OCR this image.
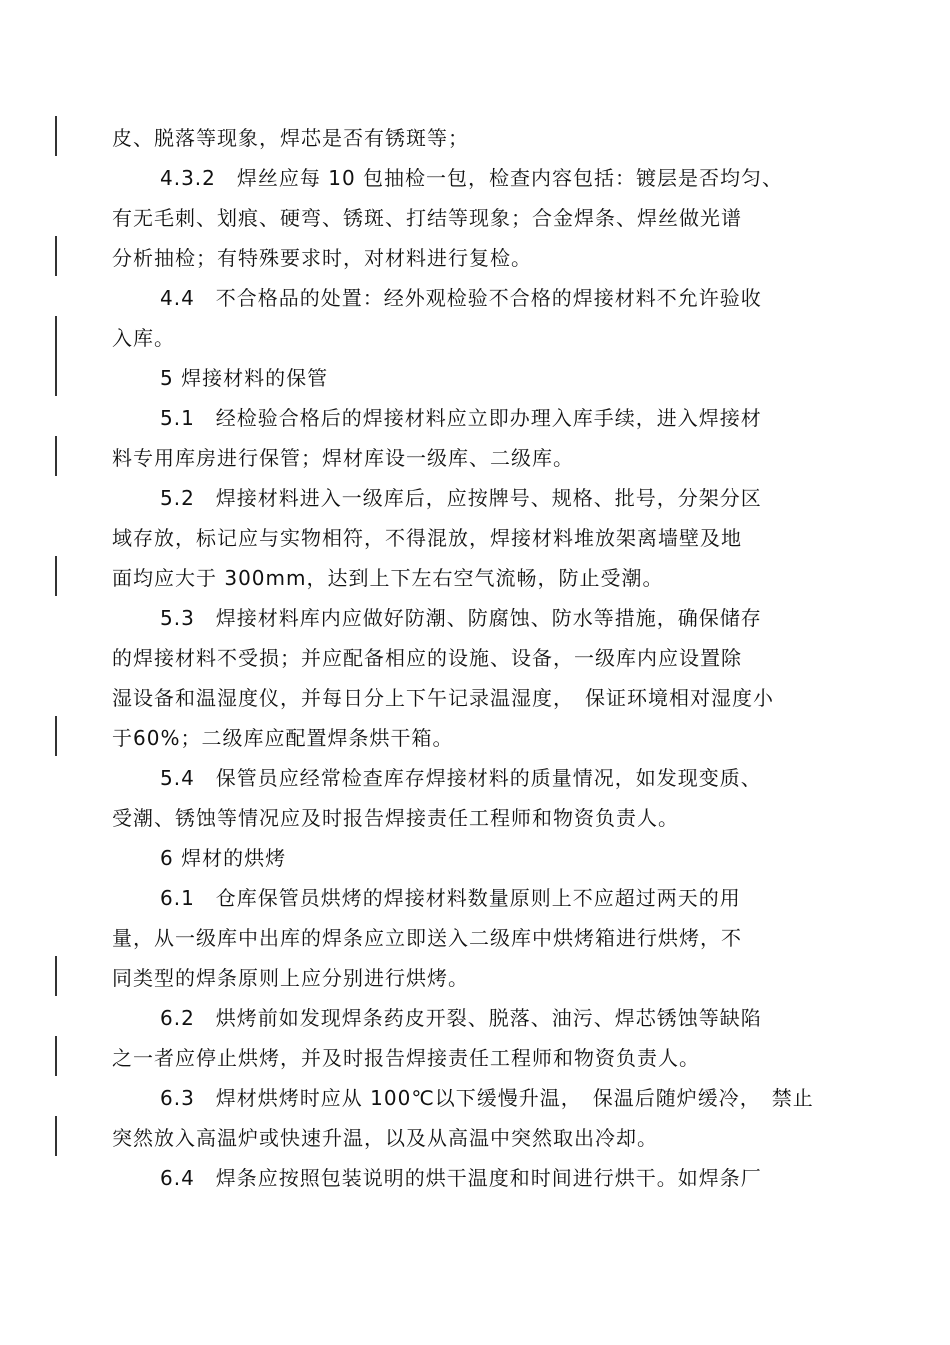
皮、脱落等现象，焊芯是否有锈斑等；
4.3.2　焊丝应每 10 包抽检一包，检查内容包括：镀层是否均匀、
有无毛刺、划痕、硬弯、锈斑、打结等现象；合金焊条、焊丝做光谱
分析抽检；有特殊要求时，对材料进行复检。
4.4　不合格品的处置：经外观检验不合格的焊接材料不允许验收
入库。
5 焊接材料的保管
5.1　经检验合格后的焊接材料应立即办理入库手续，进入焊接材
料专用库房进行保管；焊材库设一级库、二级库。
5.2　焊接材料进入一级库后，应按牌号、规格、批号，分架分区
域存放，标记应与实物相符，不得混放，焊接材料堆放架离墙壁及地
面均应大于 300mm，达到上下左右空气流畅，防止受潮。
5.3　焊接材料库内应做好防潮、防腐蚀、防水等措施，确保储存
的焊接材料不受损；并应配备相应的设施、设备，一级库内应设置除
湿设备和温湿度仪，并每日分上下午记录温湿度，　保证环境相对湿度小
于60%；二级库应配置焊条烘干箱。
5.4　保管员应经常检查库存焊接材料的质量情况，如发现变质、
受潮、锈蚀等情况应及时报告焊接责任工程师和物资负责人。
6 焊材的烘烤
6.1　仓库保管员烘烤的焊接材料数量原则上不应超过两天的用
量，从一级库中出库的焊条应立即送入二级库中烘烤箱进行烘烤，不
同类型的焊条原则上应分别进行烘烤。
6.2　烘烤前如发现焊条药皮开裂、脱落、油污、焊芯锈蚀等缺陷
之一者应停止烘烤，并及时报告焊接责任工程师和物资负责人。
6.3　焊材烘烤时应从 100℃以下缓慢升温，　保温后随炉缓冷，　禁止
突然放入高温炉或快速升温，以及从高温中突然取出冷却。
6.4　焊条应按照包装说明的烘干温度和时间进行烘干。如焊条厂
